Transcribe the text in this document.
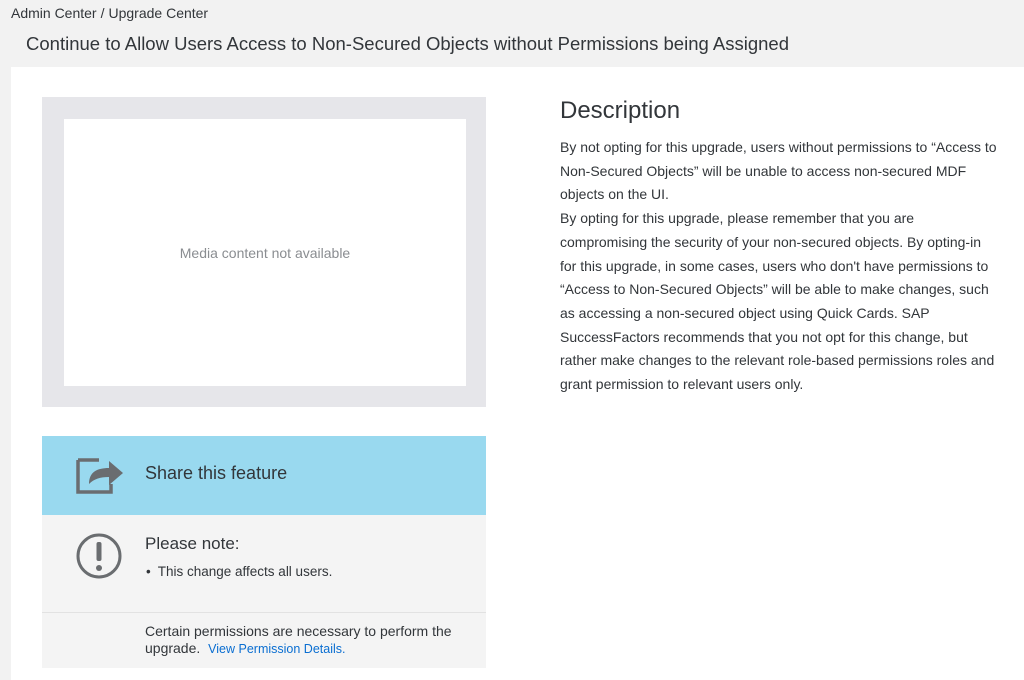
Admin Center / Upgrade Center
Continue to Allow Users Access to Non-Secured Objects without Permissions being Assigned
Media content not available
Share this feature
Please note:
• This change affects all users.
Certain permissions are necessary to perform the upgrade. View Permission Details.
Description

By not opting for this upgrade, users without permissions to “Access to Non-Secured Objects” will be unable to access non-secured MDF objects on the UI.

By opting for this upgrade, please remember that you are compromising the security of your non-secured objects. By opting-in for this upgrade, in some cases, users who don't have permissions to “Access to Non-Secured Objects” will be able to make changes, such as accessing a non-secured object using Quick Cards. SAP SuccessFactors recommends that you not opt for this change, but rather make changes to the relevant role-based permissions roles and grant permission to relevant users only.
